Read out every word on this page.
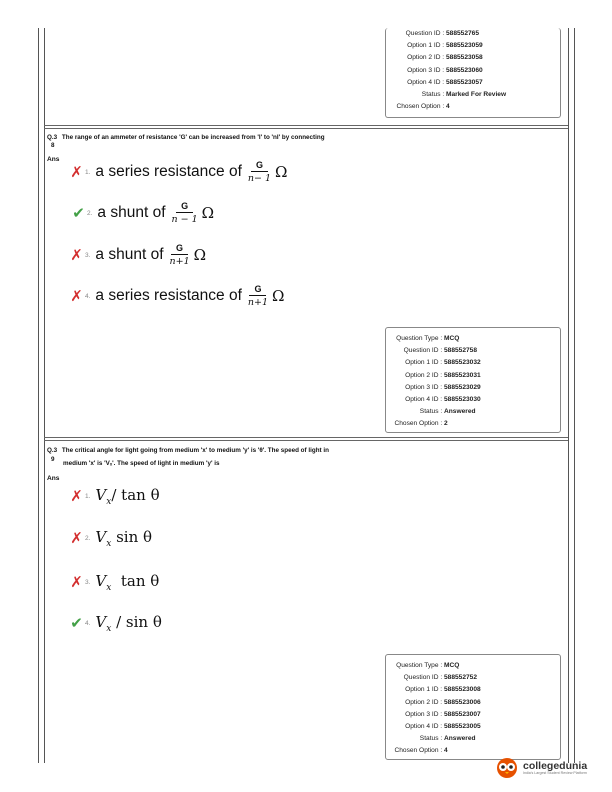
Question ID : 588552765
Option 1 ID : 5885523059
Option 2 ID : 5885523058
Option 3 ID : 5885523060
Option 4 ID : 5885523057
Status : Marked For Review
Chosen Option : 4
Q.3 The range of an ammeter of resistance 'G' can be increased from 'I' to 'nI' by connecting
8
Ans
✗ 1. a series resistance of $\frac{G}{n- 1}$ Ω
✔ 2. a shunt of $\frac{G}{n - 1}$ Ω
✗ 3. a shunt of $\frac{G}{n+1}$ Ω
✗ 4. a series resistance of $\frac{G}{n+1}$ Ω
Question Type : MCQ
Question ID : 588552758
Option 1 ID : 5885523032
Option 2 ID : 5885523031
Option 3 ID : 5885523029
Option 4 ID : 5885523030
Status : Answered
Chosen Option : 2
Q.3 The critical angle for light going from medium 'x' to medium 'y' is 'θ'. The speed of light in
9
medium 'x' is 'Vₓ'. The speed of light in medium 'y' is
Ans
✗ 1. $V_x/$ tan θ
✗ 2. $V_x$ sin θ
✗ 3. $V_x$  tan θ
✔ 4. $V_x$ / sin θ
Question Type : MCQ
Question ID : 588552752
Option 1 ID : 5885523008
Option 2 ID : 5885523006
Option 3 ID : 5885523007
Option 4 ID : 5885523005
Status : Answered
Chosen Option : 4
collegedunia
India's Largest Student Review Platform
